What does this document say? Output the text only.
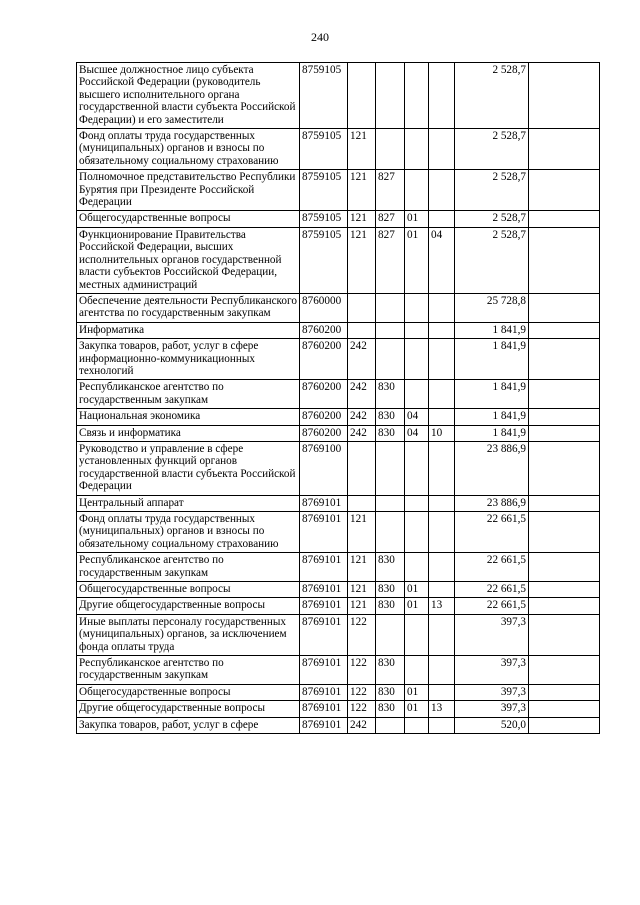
240
Высшее должностное лицо субъекта Российской Федерации (руководитель высшего исполнительного органа государственной власти субъекта Российской Федерации) и его заместители	8759105					2 528,7	
Фонд оплаты труда государственных (муниципальных) органов и взносы по обязательному социальному страхованию	8759105	121				2 528,7	
Полномочное представительство Республики Бурятия при Президенте Российской Федерации	8759105	121	827			2 528,7	
Общегосударственные вопросы	8759105	121	827	01		2 528,7	
Функционирование Правительства Российской Федерации, высших исполнительных органов государственной власти субъектов Российской Федерации, местных администраций	8759105	121	827	01	04	2 528,7	
Обеспечение деятельности Республиканского агентства по государственным закупкам	8760000					25 728,8	
Информатика	8760200					1 841,9	
Закупка товаров, работ, услуг в сфере информационно-коммуникационных технологий	8760200	242				1 841,9	
Республиканское агентство по государственным закупкам	8760200	242	830			1 841,9	
Национальная экономика	8760200	242	830	04		1 841,9	
Связь и информатика	8760200	242	830	04	10	1 841,9	
Руководство и управление в сфере установленных функций органов государственной власти субъекта Российской Федерации	8769100					23 886,9	
Центральный аппарат	8769101					23 886,9	
Фонд оплаты труда государственных (муниципальных) органов и взносы по обязательному социальному страхованию	8769101	121				22 661,5	
Республиканское агентство по государственным закупкам	8769101	121	830			22 661,5	
Общегосударственные вопросы	8769101	121	830	01		22 661,5	
Другие общегосударственные вопросы	8769101	121	830	01	13	22 661,5	
Иные выплаты персоналу государственных (муниципальных) органов, за исключением фонда оплаты труда	8769101	122				397,3	
Республиканское агентство по государственным закупкам	8769101	122	830			397,3	
Общегосударственные вопросы	8769101	122	830	01		397,3	
Другие общегосударственные вопросы	8769101	122	830	01	13	397,3	
Закупка товаров, работ, услуг в сфере	8769101	242				520,0	
